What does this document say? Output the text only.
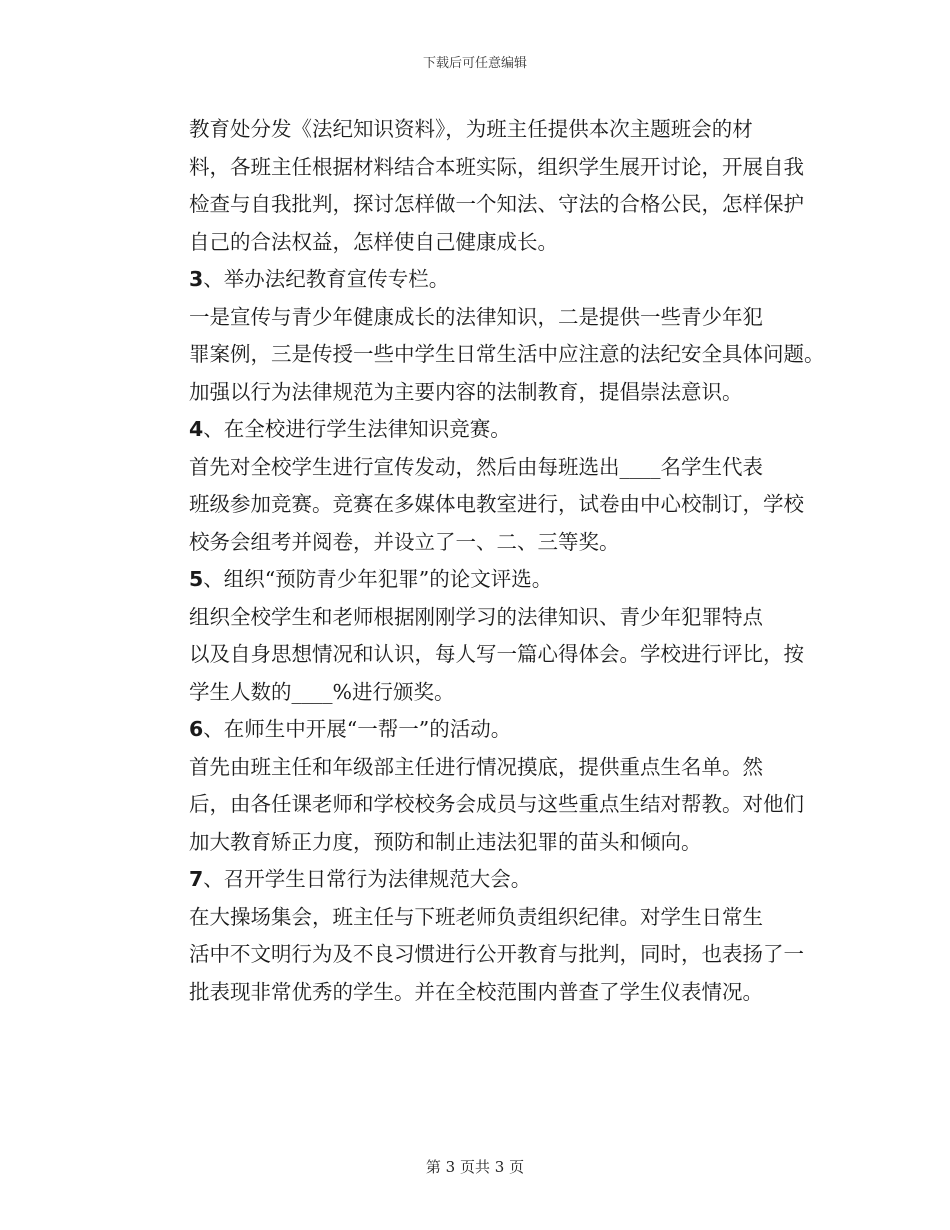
下载后可任意编辑
教育处分发《法纪知识资料》，为班主任提供本次主题班会的材
料，各班主任根据材料结合本班实际，组织学生展开讨论，开展自我
检查与自我批判，探讨怎样做一个知法、守法的合格公民，怎样保护
自己的合法权益，怎样使自己健康成长。
3、举办法纪教育宣传专栏。
一是宣传与青少年健康成长的法律知识，二是提供一些青少年犯
罪案例，三是传授一些中学生日常生活中应注意的法纪安全具体问题。
加强以行为法律规范为主要内容的法制教育，提倡崇法意识。
4、在全校进行学生法律知识竞赛。
首先对全校学生进行宣传发动，然后由每班选出____名学生代表
班级参加竞赛。竞赛在多媒体电教室进行，试卷由中心校制订，学校
校务会组考并阅卷，并设立了一、二、三等奖。
5、组织“预防青少年犯罪”的论文评选。
组织全校学生和老师根据刚刚学习的法律知识、青少年犯罪特点
以及自身思想情况和认识，每人写一篇心得体会。学校进行评比，按
学生人数的____%进行颁奖。
6、在师生中开展“一帮一”的活动。
首先由班主任和年级部主任进行情况摸底，提供重点生名单。然
后，由各任课老师和学校校务会成员与这些重点生结对帮教。对他们
加大教育矫正力度，预防和制止违法犯罪的苗头和倾向。
7、召开学生日常行为法律规范大会。
在大操场集会，班主任与下班老师负责组织纪律。对学生日常生
活中不文明行为及不良习惯进行公开教育与批判，同时，也表扬了一
批表现非常优秀的学生。并在全校范围内普查了学生仪表情况。
第 3 页共 3 页
